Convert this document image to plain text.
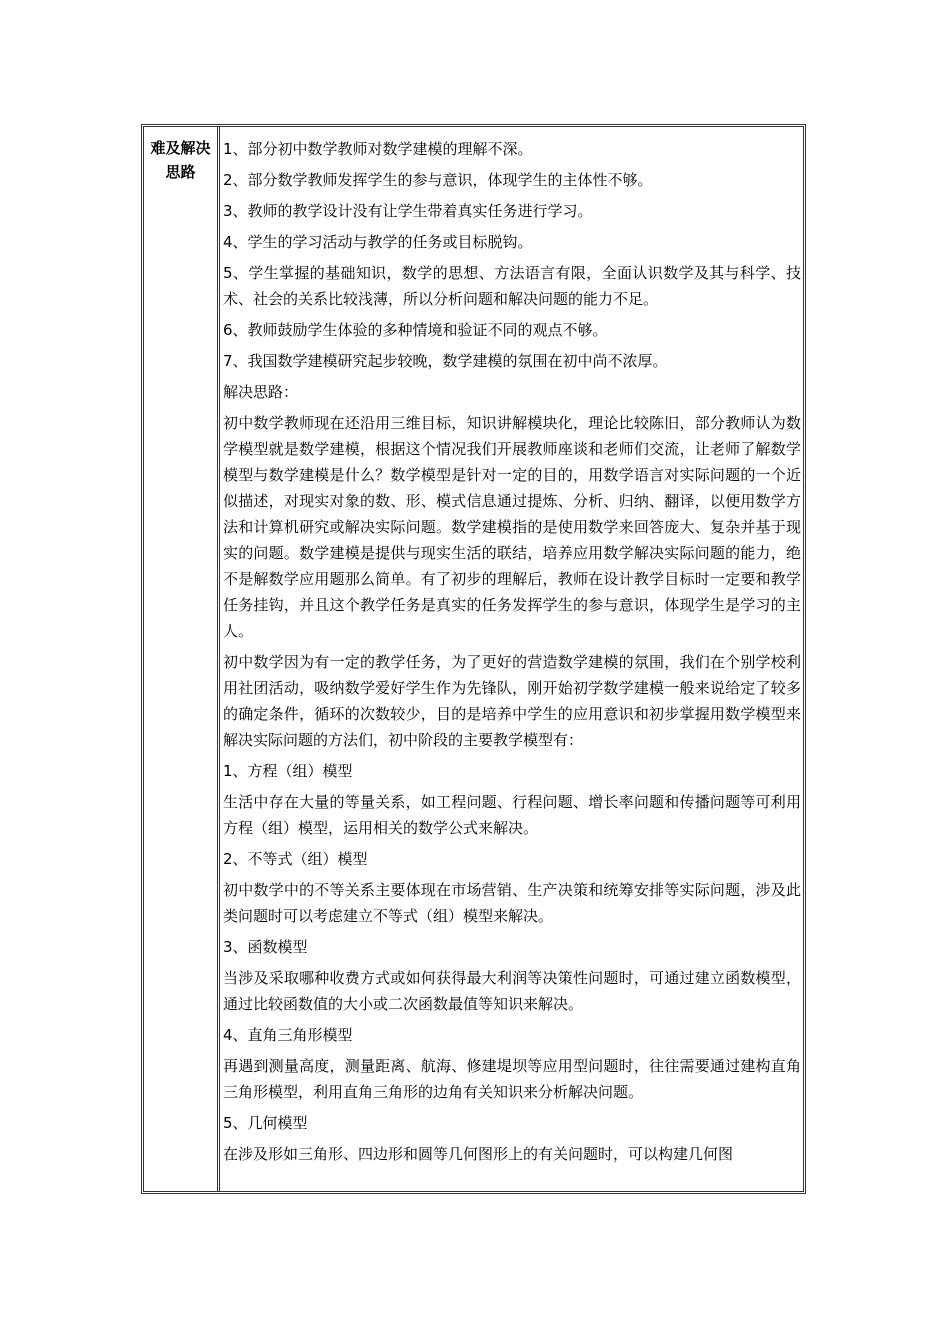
难及解决
思路

1、部分初中数学教师对数学建模的理解不深。

2、部分数学教师发挥学生的参与意识，体现学生的主体性不够。

3、教师的教学设计没有让学生带着真实任务进行学习。

4、学生的学习活动与教学的任务或目标脱钩。

5、学生掌握的基础知识，数学的思想、方法语言有限，全面认识数学及其与科学、技术、社会的关系比较浅薄，所以分析问题和解决问题的能力不足。

6、教师鼓励学生体验的多种情境和验证不同的观点不够。

7、我国数学建模研究起步较晚，数学建模的氛围在初中尚不浓厚。

解决思路：

初中数学教师现在还沿用三维目标，知识讲解模块化，理论比较陈旧，部分教师认为数学模型就是数学建模，根据这个情况我们开展教师座谈和老师们交流，让老师了解数学模型与数学建模是什么？数学模型是针对一定的目的，用数学语言对实际问题的一个近似描述，对现实对象的数、形、模式信息通过提炼、分析、归纳、翻译，以便用数学方法和计算机研究或解决实际问题。数学建模指的是使用数学来回答庞大、复杂并基于现实的问题。数学建模是提供与现实生活的联结，培养应用数学解决实际问题的能力，绝不是解数学应用题那么简单。有了初步的理解后，教师在设计教学目标时一定要和教学任务挂钩，并且这个教学任务是真实的任务发挥学生的参与意识，体现学生是学习的主人。

初中数学因为有一定的教学任务，为了更好的营造数学建模的氛围，我们在个别学校利用社团活动，吸纳数学爱好学生作为先锋队，刚开始初学数学建模一般来说给定了较多的确定条件，循环的次数较少，目的是培养中学生的应用意识和初步掌握用数学模型来解决实际问题的方法们，初中阶段的主要教学模型有：

1、方程（组）模型

生活中存在大量的等量关系，如工程问题、行程问题、增长率问题和传播问题等可利用方程（组）模型，运用相关的数学公式来解决。

2、不等式（组）模型

初中数学中的不等关系主要体现在市场营销、生产决策和统筹安排等实际问题，涉及此类问题时可以考虑建立不等式（组）模型来解决。

3、函数模型

当涉及采取哪种收费方式或如何获得最大利润等决策性问题时，可通过建立函数模型，通过比较函数值的大小或二次函数最值等知识来解决。

4、直角三角形模型

再遇到测量高度，测量距离、航海、修建堤坝等应用型问题时，往往需要通过建构直角三角形模型，利用直角三角形的边角有关知识来分析解决问题。

5、几何模型

在涉及形如三角形、四边形和圆等几何图形上的有关问题时，可以构建几何图
